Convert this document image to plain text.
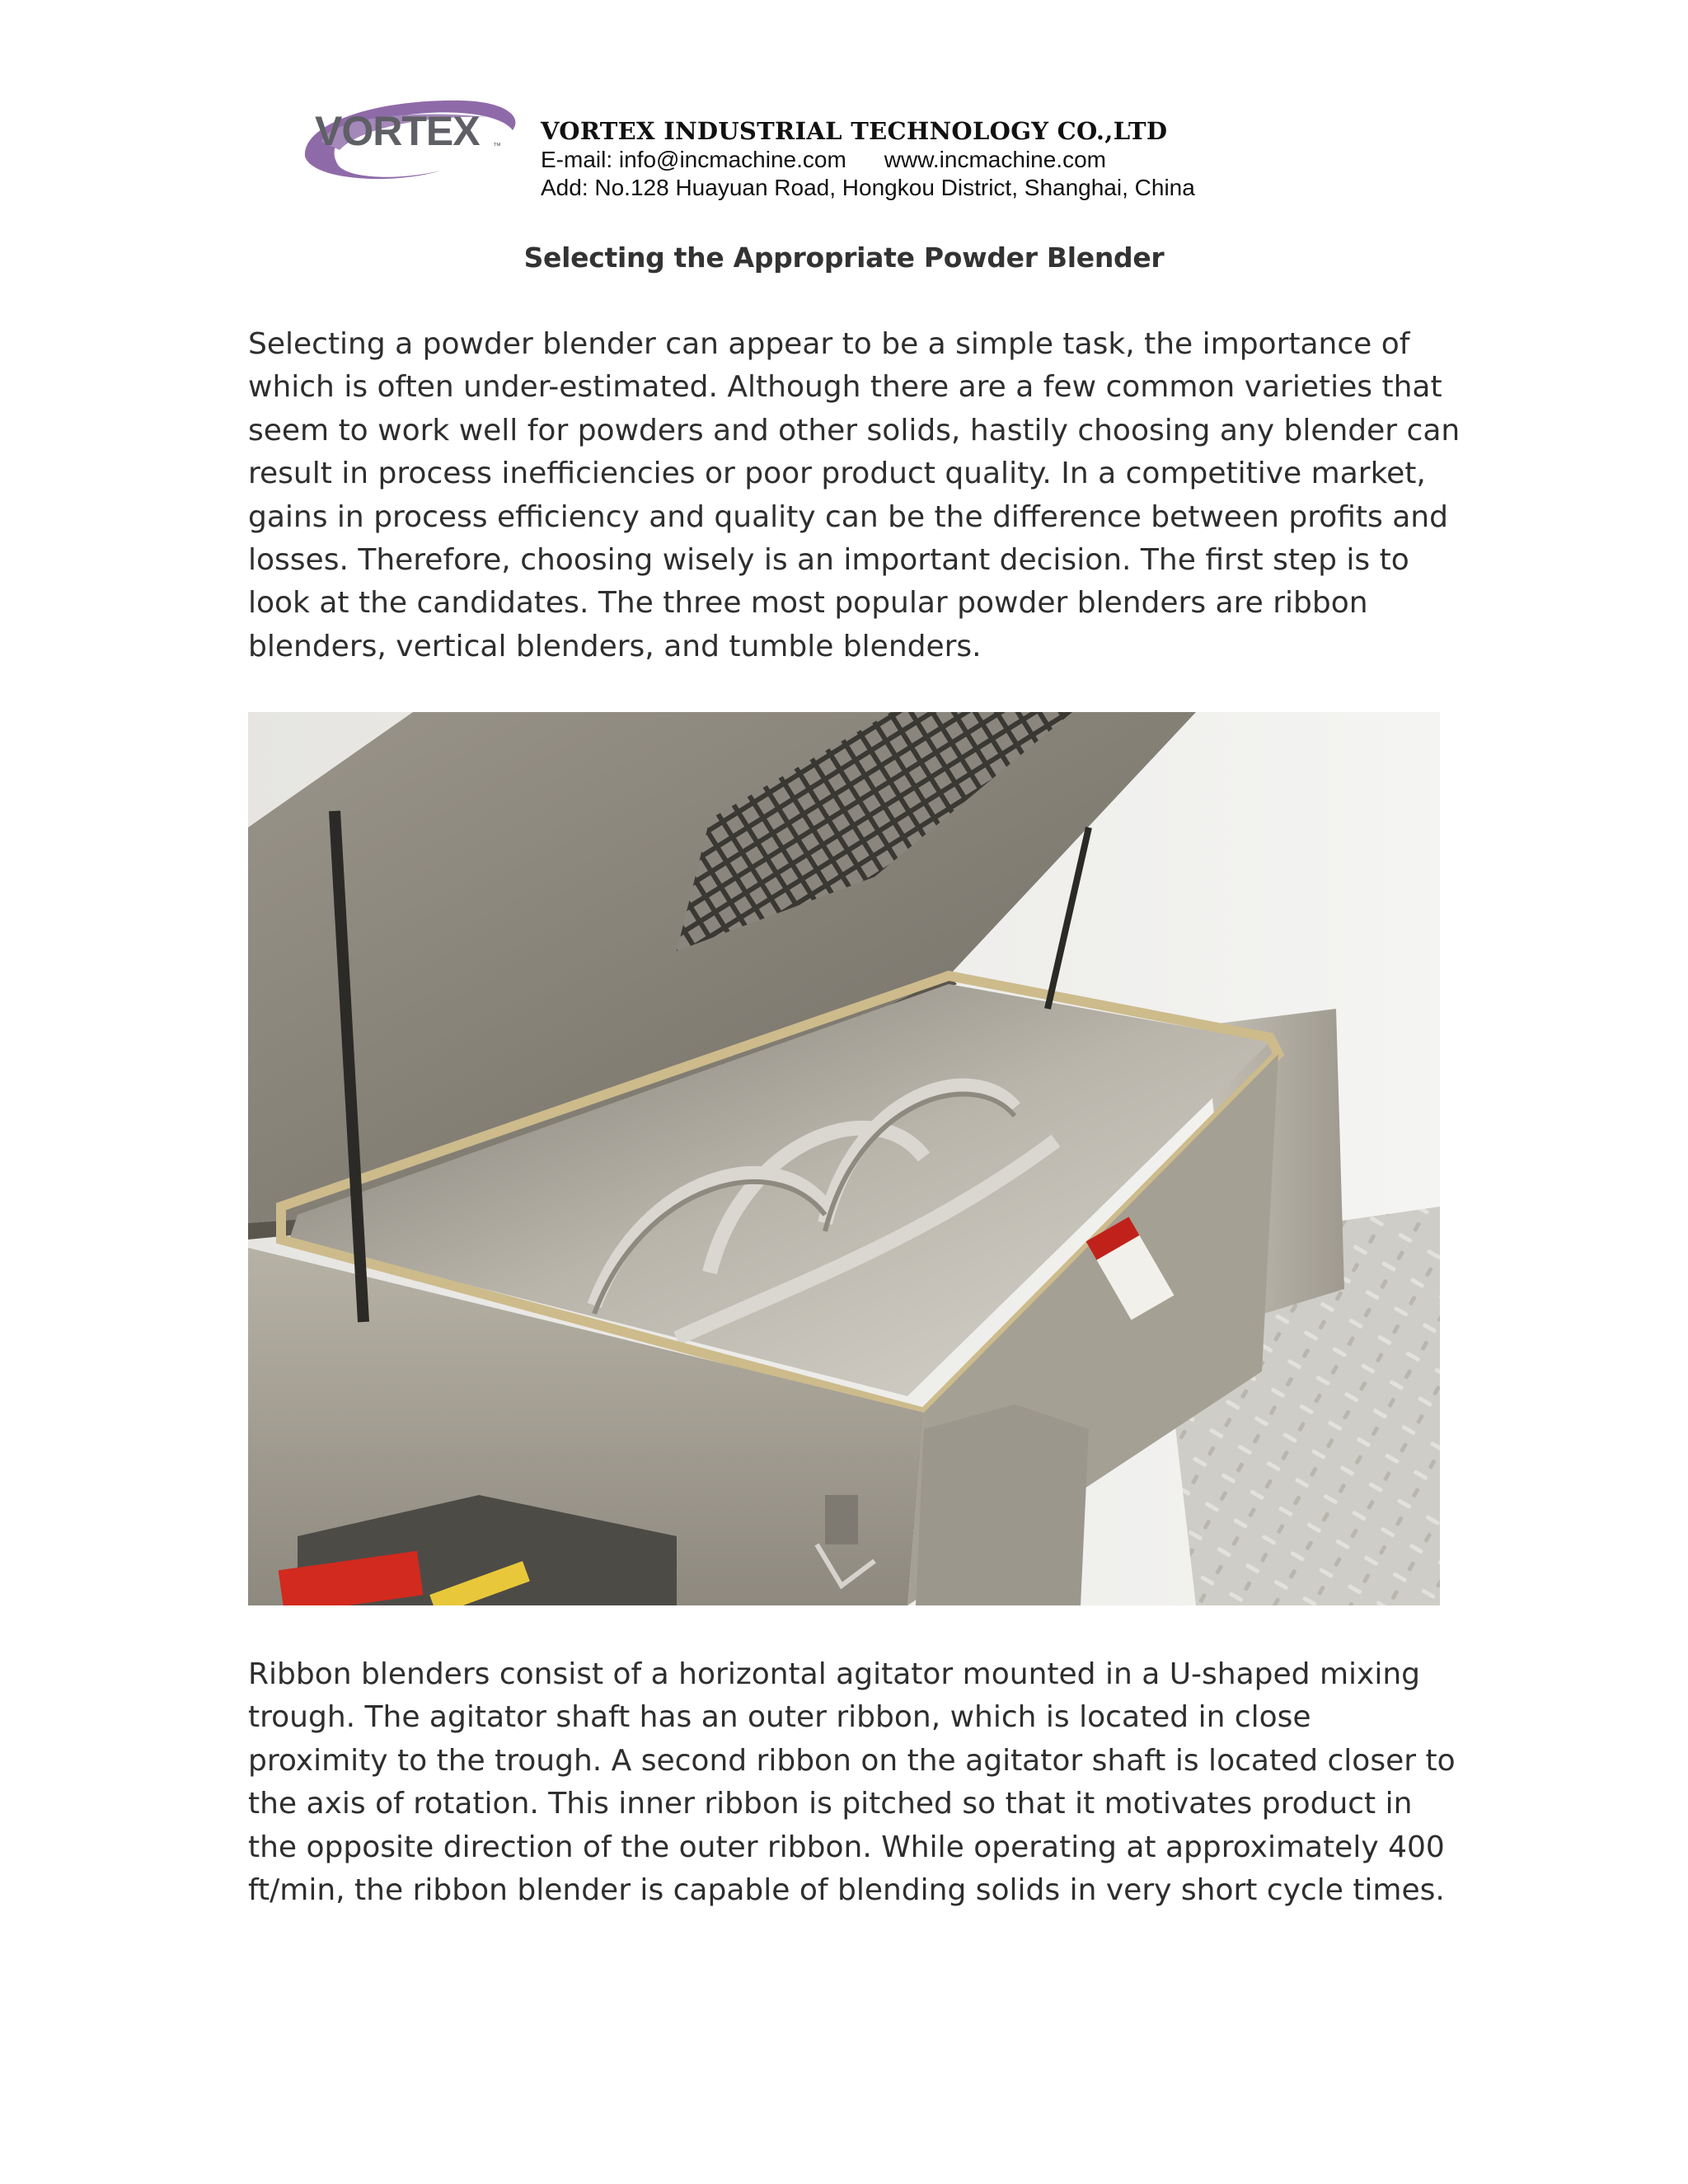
VORTEX ™
VORTEX INDUSTRIAL TECHNOLOGY CO.,LTD
E-mail: info@incmachine.com www.incmachine.com
Add: No.128 Huayuan Road, Hongkou District, Shanghai, China
Selecting the Appropriate Powder Blender

Selecting a powder blender can appear to be a simple task, the importance of
which is often under-estimated. Although there are a few common varieties that
seem to work well for powders and other solids, hastily choosing any blender can
result in process inefficiencies or poor product quality. In a competitive market,
gains in process efficiency and quality can be the difference between profits and
losses. Therefore, choosing wisely is an important decision. The first step is to
look at the candidates. The three most popular powder blenders are ribbon
blenders, vertical blenders, and tumble blenders.

Ribbon blenders consist of a horizontal agitator mounted in a U-shaped mixing
trough. The agitator shaft has an outer ribbon, which is located in close
proximity to the trough. A second ribbon on the agitator shaft is located closer to
the axis of rotation. This inner ribbon is pitched so that it motivates product in
the opposite direction of the outer ribbon. While operating at approximately 400
ft/min, the ribbon blender is capable of blending solids in very short cycle times.
